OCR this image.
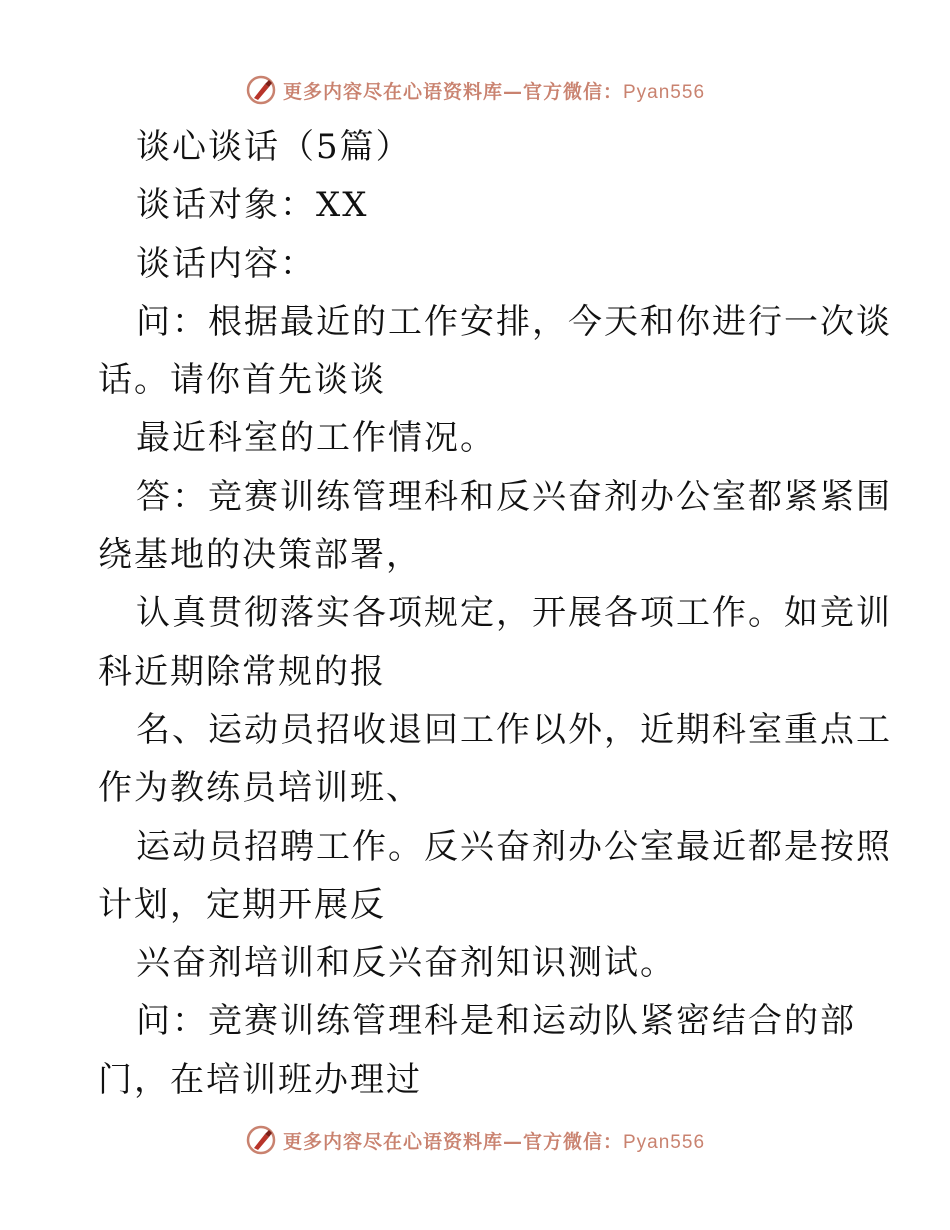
更多内容尽在心语资料库—官方微信：Pyan556
谈心谈话（5篇）
谈话对象：XX
谈话内容：
问：根据最近的工作安排，今天和你进行一次谈
话。请你首先谈谈
最近科室的工作情况。
答：竞赛训练管理科和反兴奋剂办公室都紧紧围
绕基地的决策部署，
认真贯彻落实各项规定，开展各项工作。如竞训
科近期除常规的报
名、运动员招收退回工作以外，近期科室重点工
作为教练员培训班、
运动员招聘工作。反兴奋剂办公室最近都是按照
计划，定期开展反
兴奋剂培训和反兴奋剂知识测试。
问：竞赛训练管理科是和运动队紧密结合的部
门，在培训班办理过
更多内容尽在心语资料库—官方微信：Pyan556
